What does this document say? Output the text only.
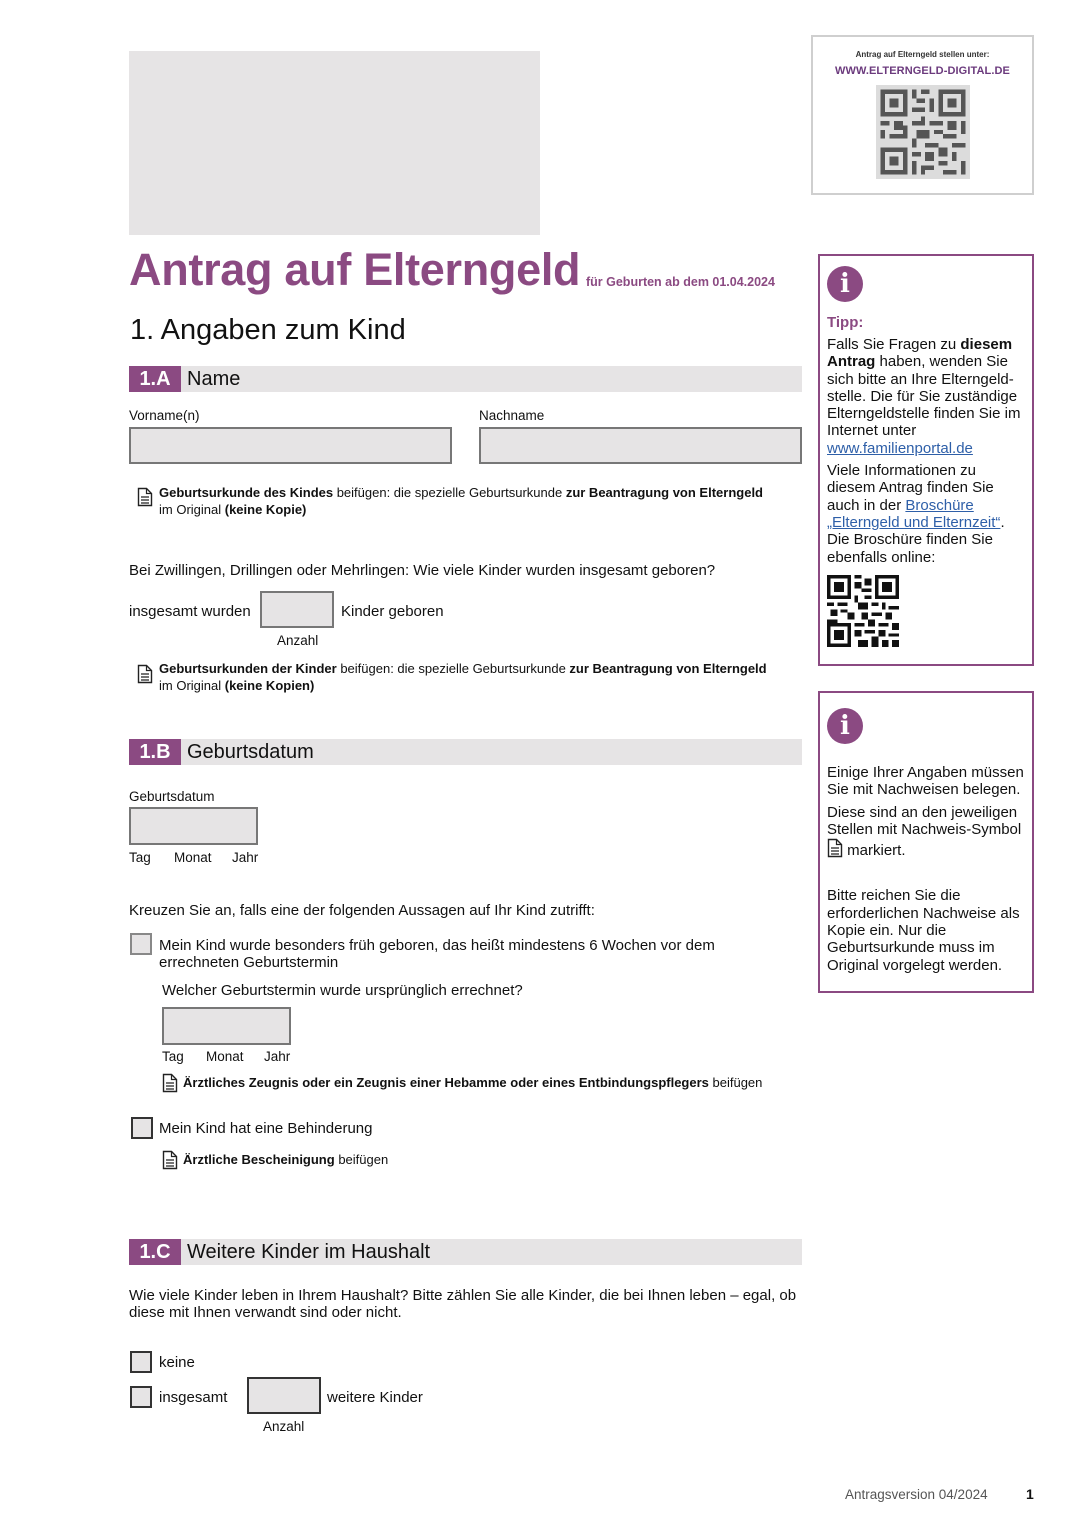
Antrag auf Elterngeld stellen unter:
WWW.ELTERNGELD-DIGITAL.DE
Antrag auf Elterngeld für Geburten ab dem 01.04.2024
1. Angaben zum Kind
1.A Name
Vorname(n)	Nachname
Geburtsurkunde des Kindes beifügen: die spezielle Geburtsurkunde zur Beantragung von Elterngeld
im Original (keine Kopie)
Bei Zwillingen, Drillingen oder Mehrlingen: Wie viele Kinder wurden insgesamt geboren?
insgesamt wurden	Kinder geboren
Anzahl
Geburtsurkunden der Kinder beifügen: die spezielle Geburtsurkunde zur Beantragung von Elterngeld
im Original (keine Kopien)
1.B Geburtsdatum
Geburtsdatum
Tag Monat Jahr
Kreuzen Sie an, falls eine der folgenden Aussagen auf Ihr Kind zutrifft:
Mein Kind wurde besonders früh geboren, das heißt mindestens 6 Wochen vor dem
errechneten Geburtstermin
Welcher Geburtstermin wurde ursprünglich errechnet?
Tag Monat Jahr
Ärztliches Zeugnis oder ein Zeugnis einer Hebamme oder eines Entbindungspflegers beifügen
Mein Kind hat eine Behinderung
Ärztliche Bescheinigung beifügen
1.C Weitere Kinder im Haushalt
Wie viele Kinder leben in Ihrem Haushalt? Bitte zählen Sie alle Kinder, die bei Ihnen leben – egal, ob
diese mit Ihnen verwandt sind oder nicht.
keine
insgesamt	weitere Kinder
Anzahl
i
Tipp:

Falls Sie Fragen zu diesem Antrag haben, wenden Sie sich bitte an Ihre Elterngeld-stelle. Die für Sie zuständige Elterngeldstelle finden Sie im Internet unter
www.familienportal.de

Viele Informationen zu diesem Antrag finden Sie auch in der Broschüre „Elterngeld und Elternzeit“. Die Broschüre finden Sie ebenfalls online:

i

Einige Ihrer Angaben müssen Sie mit Nachweisen belegen.

Diese sind an den jeweiligen Stellen mit Nachweis-Symbol
markiert.

Bitte reichen Sie die erforderlichen Nachweise als Kopie ein. Nur die Geburtsurkunde muss im Original vorgelegt werden.

Antragsversion 04/2024	1
